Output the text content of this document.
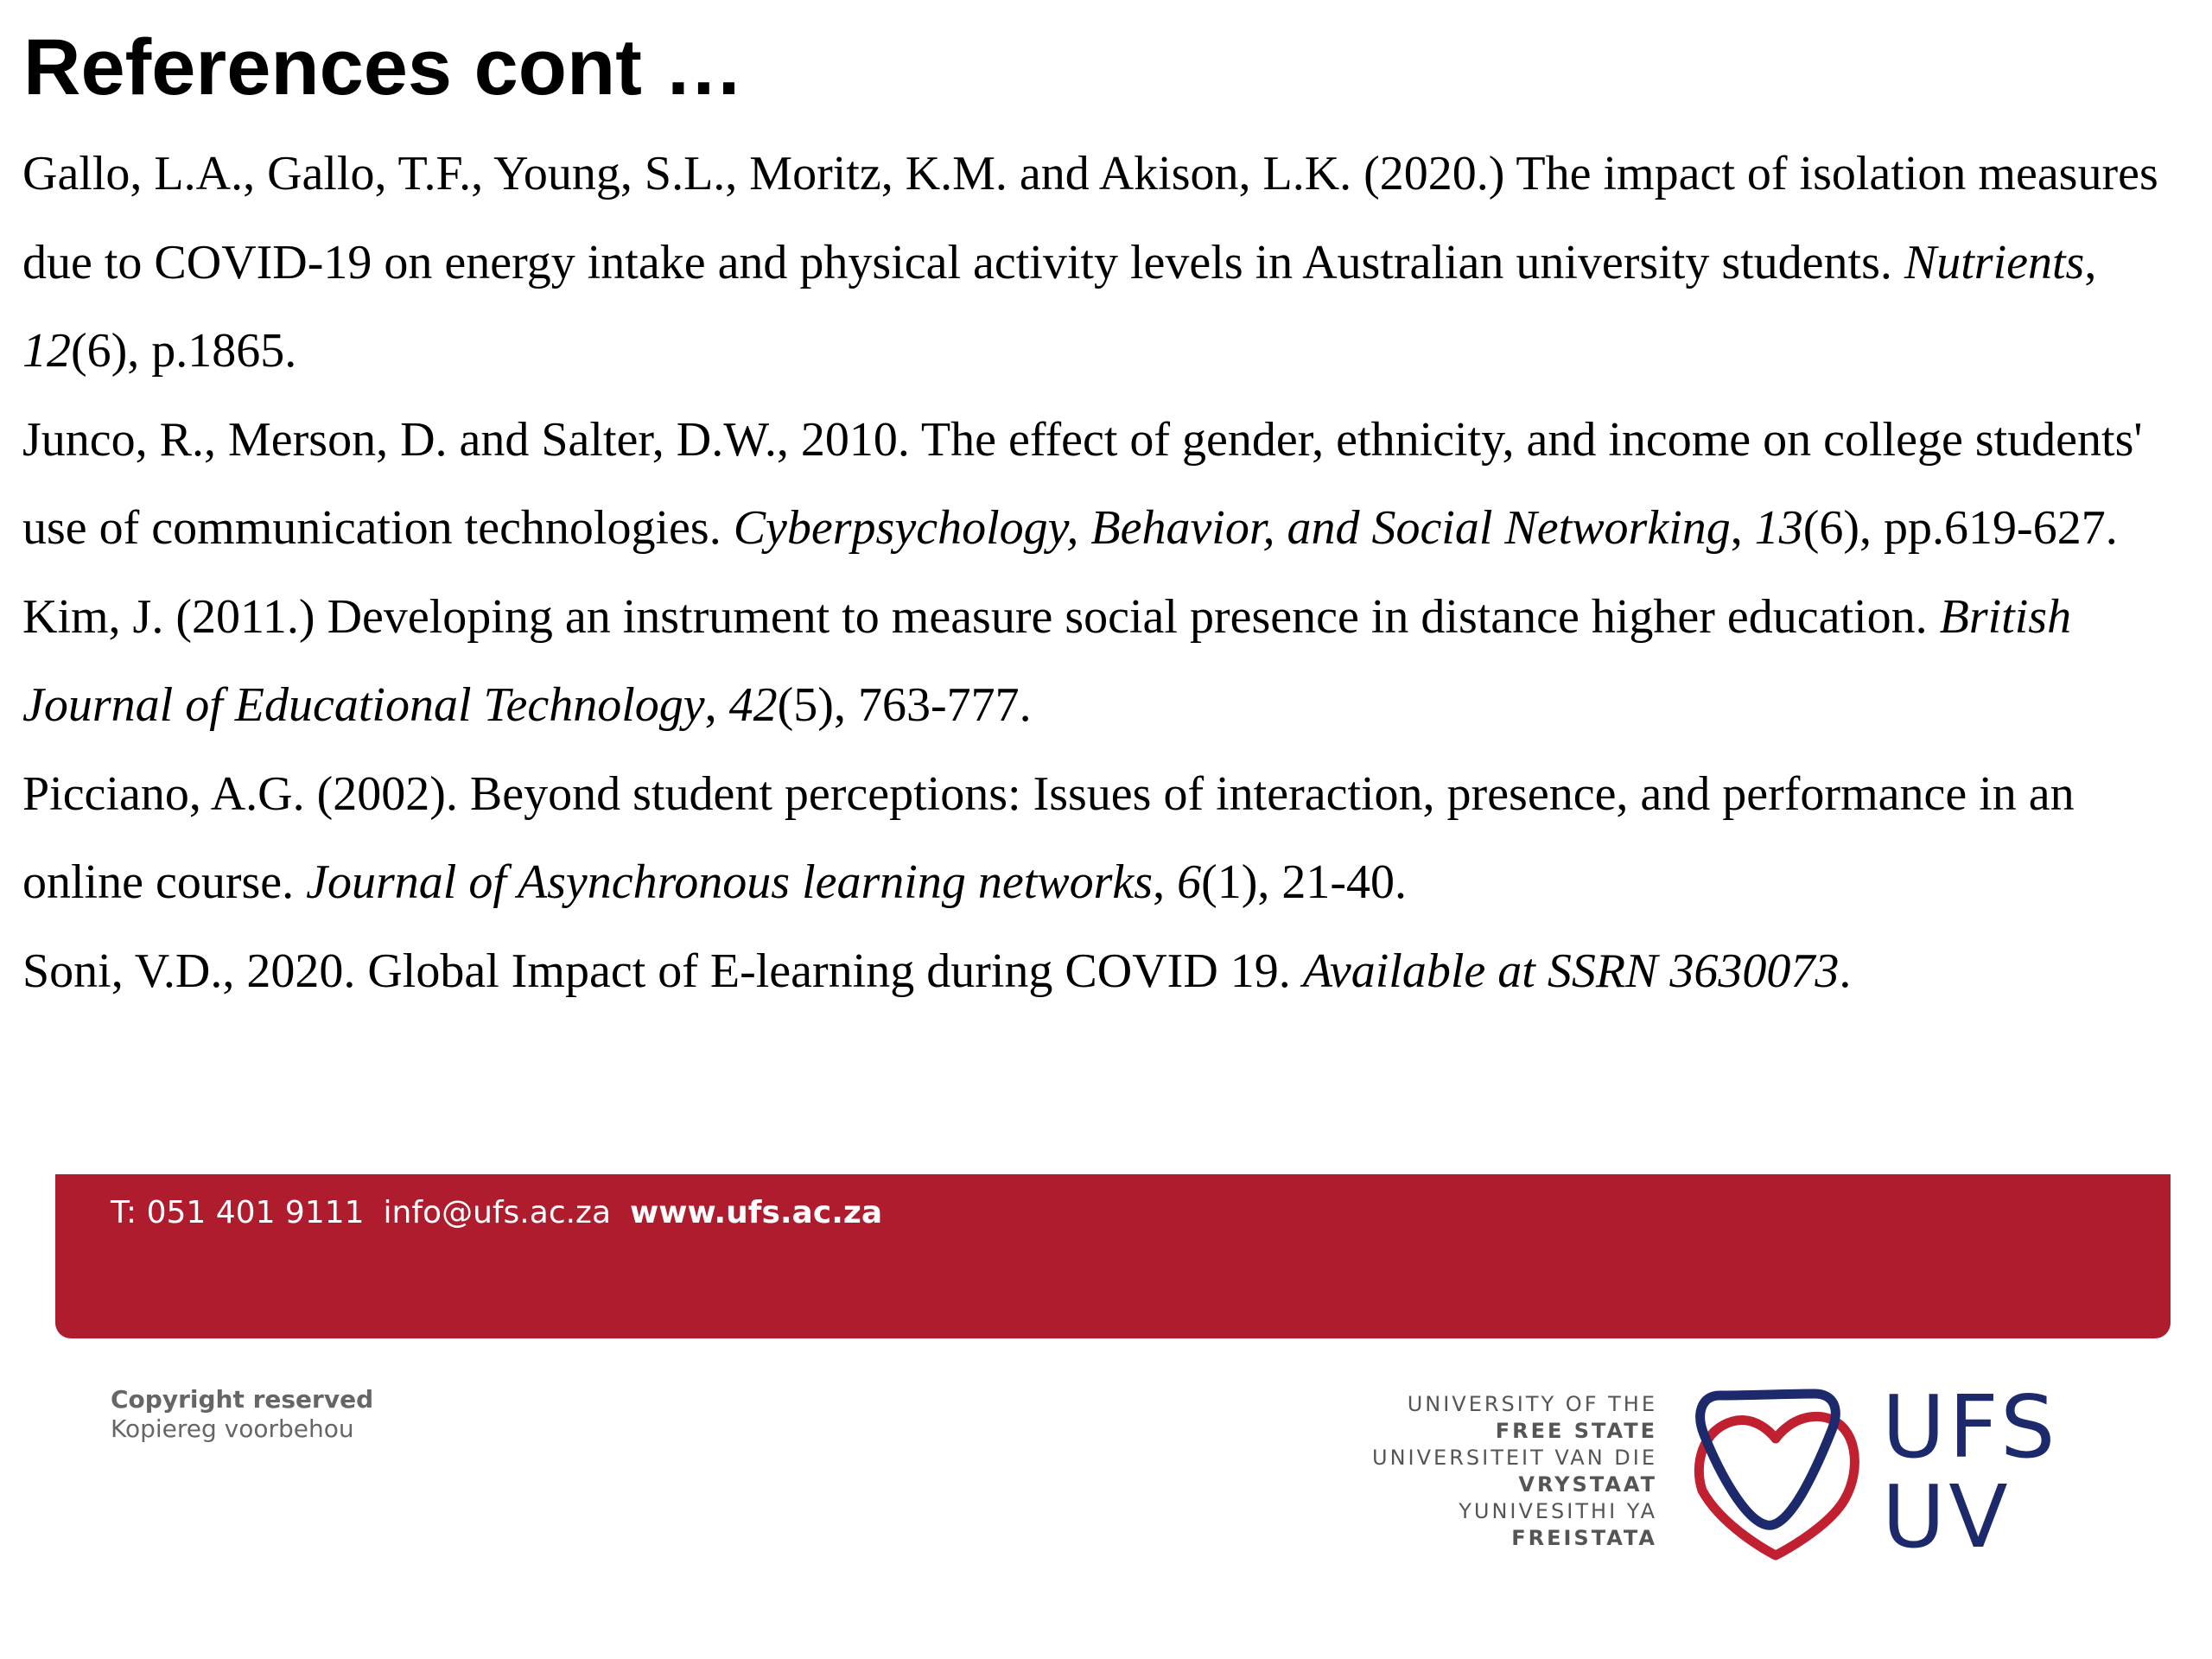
References cont …

Gallo, L.A., Gallo, T.F., Young, S.L., Moritz, K.M. and Akison, L.K. (2020.) The impact of isolation measures due to COVID-19 on energy intake and physical activity levels in Australian university students. Nutrients, 12(6), p.1865.

Junco, R., Merson, D. and Salter, D.W., 2010. The effect of gender, ethnicity, and income on college students' use of communication technologies. Cyberpsychology, Behavior, and Social Networking, 13(6), pp.619-627.

Kim, J. (2011.) Developing an instrument to measure social presence in distance higher education. British Journal of Educational Technology, 42(5), 763-777.

Picciano, A.G. (2002). Beyond student perceptions: Issues of interaction, presence, and performance in an online course. Journal of Asynchronous learning networks, 6(1), 21-40.

Soni, V.D., 2020. Global Impact of E-learning during COVID 19. Available at SSRN 3630073.

T: 051 401 9111 info@ufs.ac.za www.ufs.ac.za
Copyright reserved
Kopiereg voorbehou
UNIVERSITY OF THE
FREE STATE
UNIVERSITEIT VAN DIE
VRYSTAAT
YUNIVESITHI YA
FREISTATA
UFS
UV
